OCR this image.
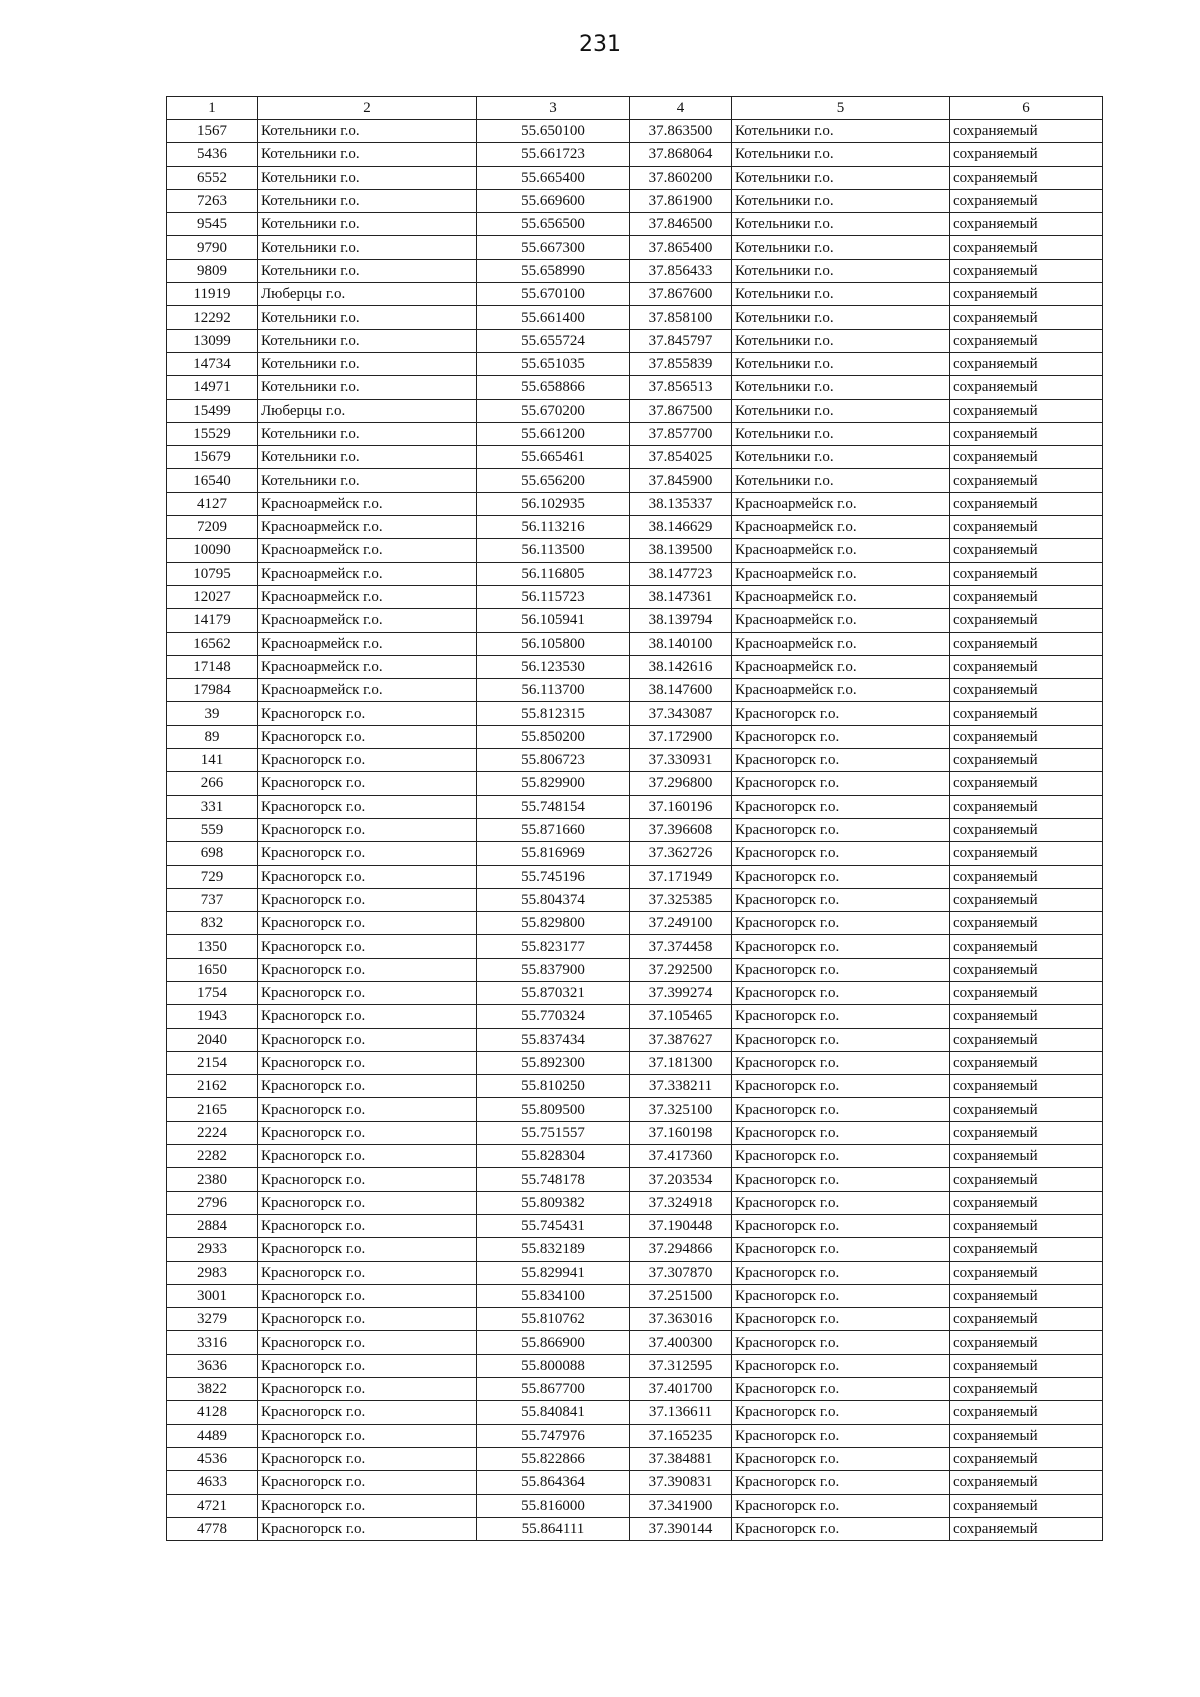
231
1	2	3	4	5	6
1567	Котельники г.о.	55.650100	37.863500	Котельники г.о.	сохраняемый
5436	Котельники г.о.	55.661723	37.868064	Котельники г.о.	сохраняемый
6552	Котельники г.о.	55.665400	37.860200	Котельники г.о.	сохраняемый
7263	Котельники г.о.	55.669600	37.861900	Котельники г.о.	сохраняемый
9545	Котельники г.о.	55.656500	37.846500	Котельники г.о.	сохраняемый
9790	Котельники г.о.	55.667300	37.865400	Котельники г.о.	сохраняемый
9809	Котельники г.о.	55.658990	37.856433	Котельники г.о.	сохраняемый
11919	Люберцы г.о.	55.670100	37.867600	Котельники г.о.	сохраняемый
12292	Котельники г.о.	55.661400	37.858100	Котельники г.о.	сохраняемый
13099	Котельники г.о.	55.655724	37.845797	Котельники г.о.	сохраняемый
14734	Котельники г.о.	55.651035	37.855839	Котельники г.о.	сохраняемый
14971	Котельники г.о.	55.658866	37.856513	Котельники г.о.	сохраняемый
15499	Люберцы г.о.	55.670200	37.867500	Котельники г.о.	сохраняемый
15529	Котельники г.о.	55.661200	37.857700	Котельники г.о.	сохраняемый
15679	Котельники г.о.	55.665461	37.854025	Котельники г.о.	сохраняемый
16540	Котельники г.о.	55.656200	37.845900	Котельники г.о.	сохраняемый
4127	Красноармейск г.о.	56.102935	38.135337	Красноармейск г.о.	сохраняемый
7209	Красноармейск г.о.	56.113216	38.146629	Красноармейск г.о.	сохраняемый
10090	Красноармейск г.о.	56.113500	38.139500	Красноармейск г.о.	сохраняемый
10795	Красноармейск г.о.	56.116805	38.147723	Красноармейск г.о.	сохраняемый
12027	Красноармейск г.о.	56.115723	38.147361	Красноармейск г.о.	сохраняемый
14179	Красноармейск г.о.	56.105941	38.139794	Красноармейск г.о.	сохраняемый
16562	Красноармейск г.о.	56.105800	38.140100	Красноармейск г.о.	сохраняемый
17148	Красноармейск г.о.	56.123530	38.142616	Красноармейск г.о.	сохраняемый
17984	Красноармейск г.о.	56.113700	38.147600	Красноармейск г.о.	сохраняемый
39	Красногорск г.о.	55.812315	37.343087	Красногорск г.о.	сохраняемый
89	Красногорск г.о.	55.850200	37.172900	Красногорск г.о.	сохраняемый
141	Красногорск г.о.	55.806723	37.330931	Красногорск г.о.	сохраняемый
266	Красногорск г.о.	55.829900	37.296800	Красногорск г.о.	сохраняемый
331	Красногорск г.о.	55.748154	37.160196	Красногорск г.о.	сохраняемый
559	Красногорск г.о.	55.871660	37.396608	Красногорск г.о.	сохраняемый
698	Красногорск г.о.	55.816969	37.362726	Красногорск г.о.	сохраняемый
729	Красногорск г.о.	55.745196	37.171949	Красногорск г.о.	сохраняемый
737	Красногорск г.о.	55.804374	37.325385	Красногорск г.о.	сохраняемый
832	Красногорск г.о.	55.829800	37.249100	Красногорск г.о.	сохраняемый
1350	Красногорск г.о.	55.823177	37.374458	Красногорск г.о.	сохраняемый
1650	Красногорск г.о.	55.837900	37.292500	Красногорск г.о.	сохраняемый
1754	Красногорск г.о.	55.870321	37.399274	Красногорск г.о.	сохраняемый
1943	Красногорск г.о.	55.770324	37.105465	Красногорск г.о.	сохраняемый
2040	Красногорск г.о.	55.837434	37.387627	Красногорск г.о.	сохраняемый
2154	Красногорск г.о.	55.892300	37.181300	Красногорск г.о.	сохраняемый
2162	Красногорск г.о.	55.810250	37.338211	Красногорск г.о.	сохраняемый
2165	Красногорск г.о.	55.809500	37.325100	Красногорск г.о.	сохраняемый
2224	Красногорск г.о.	55.751557	37.160198	Красногорск г.о.	сохраняемый
2282	Красногорск г.о.	55.828304	37.417360	Красногорск г.о.	сохраняемый
2380	Красногорск г.о.	55.748178	37.203534	Красногорск г.о.	сохраняемый
2796	Красногорск г.о.	55.809382	37.324918	Красногорск г.о.	сохраняемый
2884	Красногорск г.о.	55.745431	37.190448	Красногорск г.о.	сохраняемый
2933	Красногорск г.о.	55.832189	37.294866	Красногорск г.о.	сохраняемый
2983	Красногорск г.о.	55.829941	37.307870	Красногорск г.о.	сохраняемый
3001	Красногорск г.о.	55.834100	37.251500	Красногорск г.о.	сохраняемый
3279	Красногорск г.о.	55.810762	37.363016	Красногорск г.о.	сохраняемый
3316	Красногорск г.о.	55.866900	37.400300	Красногорск г.о.	сохраняемый
3636	Красногорск г.о.	55.800088	37.312595	Красногорск г.о.	сохраняемый
3822	Красногорск г.о.	55.867700	37.401700	Красногорск г.о.	сохраняемый
4128	Красногорск г.о.	55.840841	37.136611	Красногорск г.о.	сохраняемый
4489	Красногорск г.о.	55.747976	37.165235	Красногорск г.о.	сохраняемый
4536	Красногорск г.о.	55.822866	37.384881	Красногорск г.о.	сохраняемый
4633	Красногорск г.о.	55.864364	37.390831	Красногорск г.о.	сохраняемый
4721	Красногорск г.о.	55.816000	37.341900	Красногорск г.о.	сохраняемый
4778	Красногорск г.о.	55.864111	37.390144	Красногорск г.о.	сохраняемый
